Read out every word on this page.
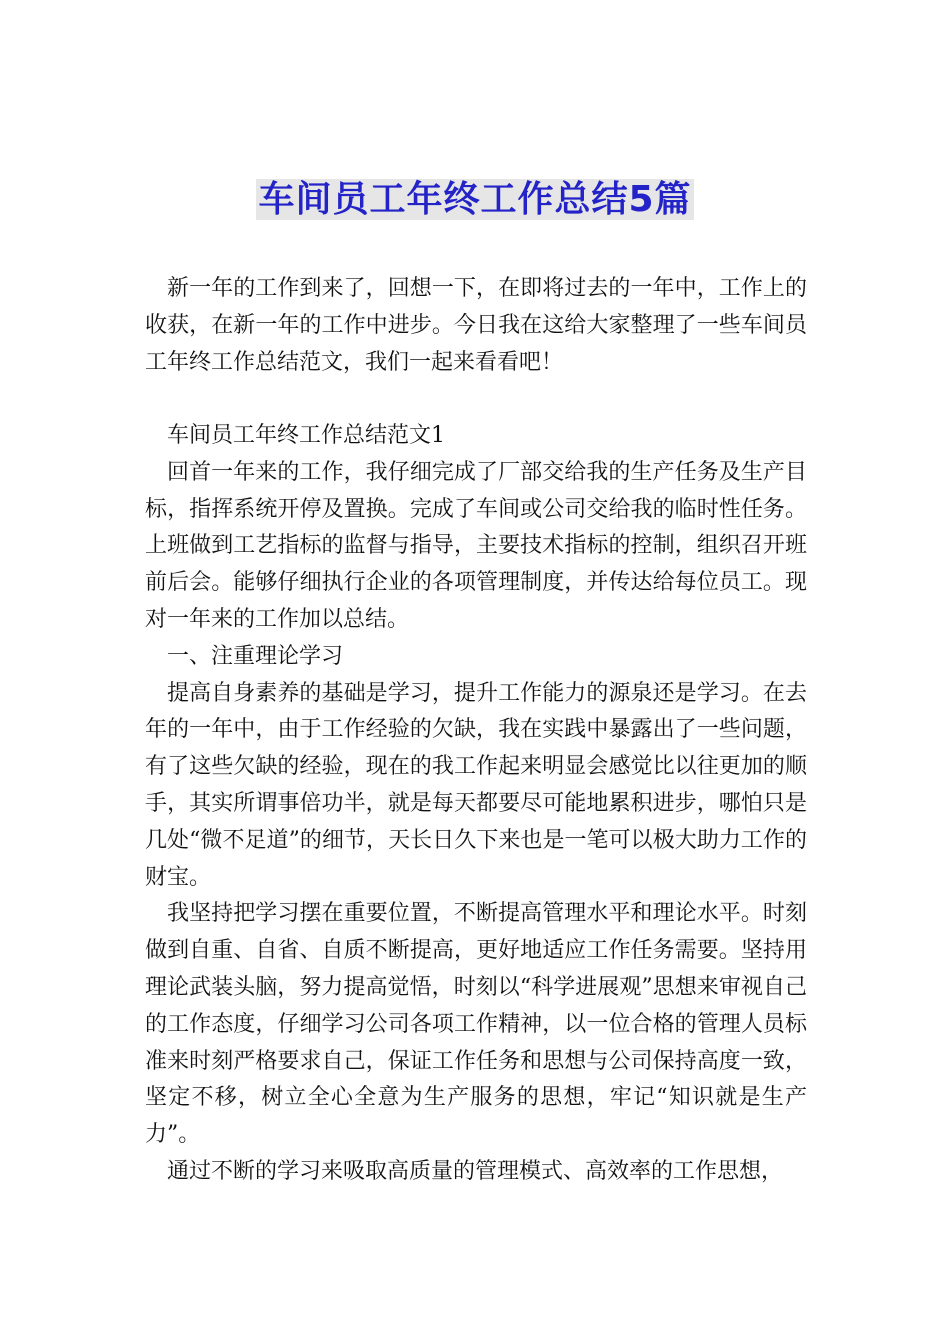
车间员工年终工作总结5篇

新一年的工作到来了，回想一下，在即将过去的一年中，工作上的收获，在新一年的工作中进步。今日我在这给大家整理了一些车间员工年终工作总结范文，我们一起来看看吧！

车间员工年终工作总结范文1

回首一年来的工作，我仔细完成了厂部交给我的生产任务及生产目标，指挥系统开停及置换。完成了车间或公司交给我的临时性任务。上班做到工艺指标的监督与指导，主要技术指标的控制，组织召开班前后会。能够仔细执行企业的各项管理制度，并传达给每位员工。现对一年来的工作加以总结。

一、注重理论学习

提高自身素养的基础是学习，提升工作能力的源泉还是学习。在去年的一年中，由于工作经验的欠缺，我在实践中暴露出了一些问题，有了这些欠缺的经验，现在的我工作起来明显会感觉比以往更加的顺手，其实所谓事倍功半，就是每天都要尽可能地累积进步，哪怕只是几处“微不足道”的细节，天长日久下来也是一笔可以极大助力工作的财宝。

我坚持把学习摆在重要位置，不断提高管理水平和理论水平。时刻做到自重、自省、自质不断提高，更好地适应工作任务需要。坚持用理论武装头脑，努力提高觉悟，时刻以“科学进展观”思想来审视自己的工作态度，仔细学习公司各项工作精神，以一位合格的管理人员标准来时刻严格要求自己，保证工作任务和思想与公司保持高度一致，坚定不移，树立全心全意为生产服务的思想，牢记“知识就是生产力”。

通过不断的学习来吸取高质量的管理模式、高效率的工作思想，
